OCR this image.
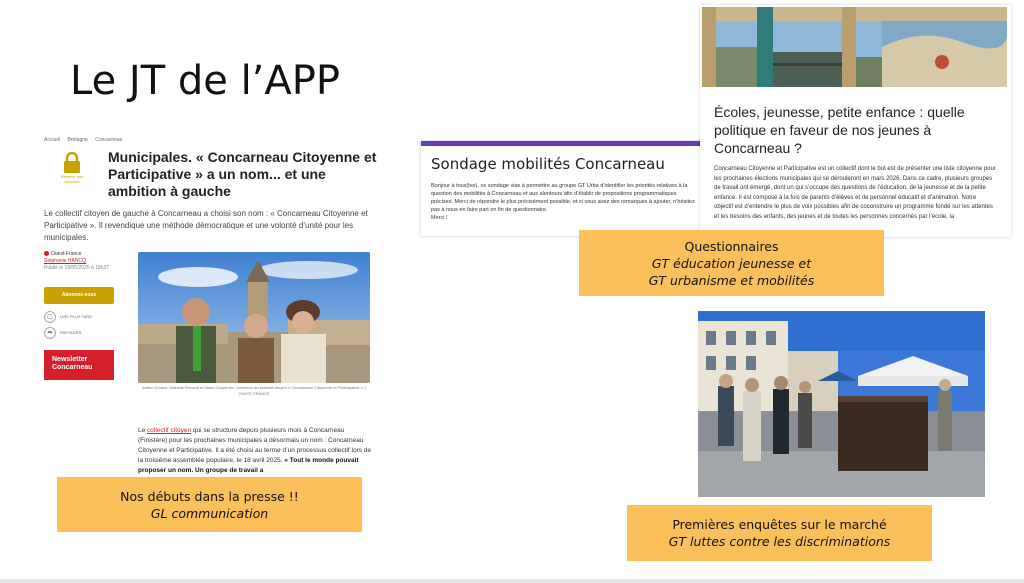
Le JT de l’APP
Accueil Bretagne Concarneau
Réservé aux abonnés
Municipales. « Concarneau Citoyenne et Participative » a un nom... et une ambition à gauche
Le collectif citoyen de gauche à Concarneau a choisi son nom : « Concarneau Citoyenne et Participative ». Il revendique une méthode démocratique et une volonté d’unité pour les municipales.
Ouest-France
Stéphanie HANCQ
Publié le 19/05/2025 à 18h27
Abonnez-vous
▢ LIRE PLUS TARD
➦ PARTAGER
Newsletter
Concarneau
Adrien Cousin, Nathalie Renault et Marie Coquerrec, membres du collectif citoyen « Concarneau Citoyenne et Participative ». | OUEST-FRANCE
Le collectif citoyen qui se structure depuis plusieurs mois à Concarneau (Finistère) pour les prochaines municipales a désormais un nom : Concarneau Citoyenne et Participative. Il a été choisi au terme d’un processus collectif lors de la troisième assemblée populaire, le 18 avril 2025. « Tout le monde pouvait proposer un nom. Un groupe de travail a
Sondage mobilités Concarneau
Bonjour à tous(tes), ce sondage vise à permettre au groupe GT Urba d’identifier les priorités relatives à la question des mobilités à Concarneau et aux alentours afin d’établir de propositions programmatiques précises. Merci de répondre le plus précisément possible, et si vous avez des remarques à ajouter, n’hésitez pas à nous en faire part en fin de questionnaire.
Merci !
Écoles, jeunesse, petite enfance : quelle politique en faveur de nos jeunes à Concarneau ?
Concarneau Citoyenne et Participative est un collectif dont le but est de présenter une liste citoyenne pour les prochaines élections municipales qui se dérouleront en mars 2026. Dans ce cadre, plusieurs groupes de travail ont émergé, dont un qui s’occupe des questions de l’éducation, de la jeunesse et de la petite enfance. Il est composé à la fois de parents d’élèves et de personnel éducatif et d’animation. Notre objectif est d’entendre le plus de voix possibles afin de coconstruire un programme fondé sur les attentes et les besoins des enfants, des jeunes et de toutes les personnes concernés par l’école, la
Questionnaires
GT éducation jeunesse et
GT urbanisme et mobilités
Nos débuts dans la presse !!
GL communication
Premières enquêtes sur le marché
GT luttes contre les discriminations
